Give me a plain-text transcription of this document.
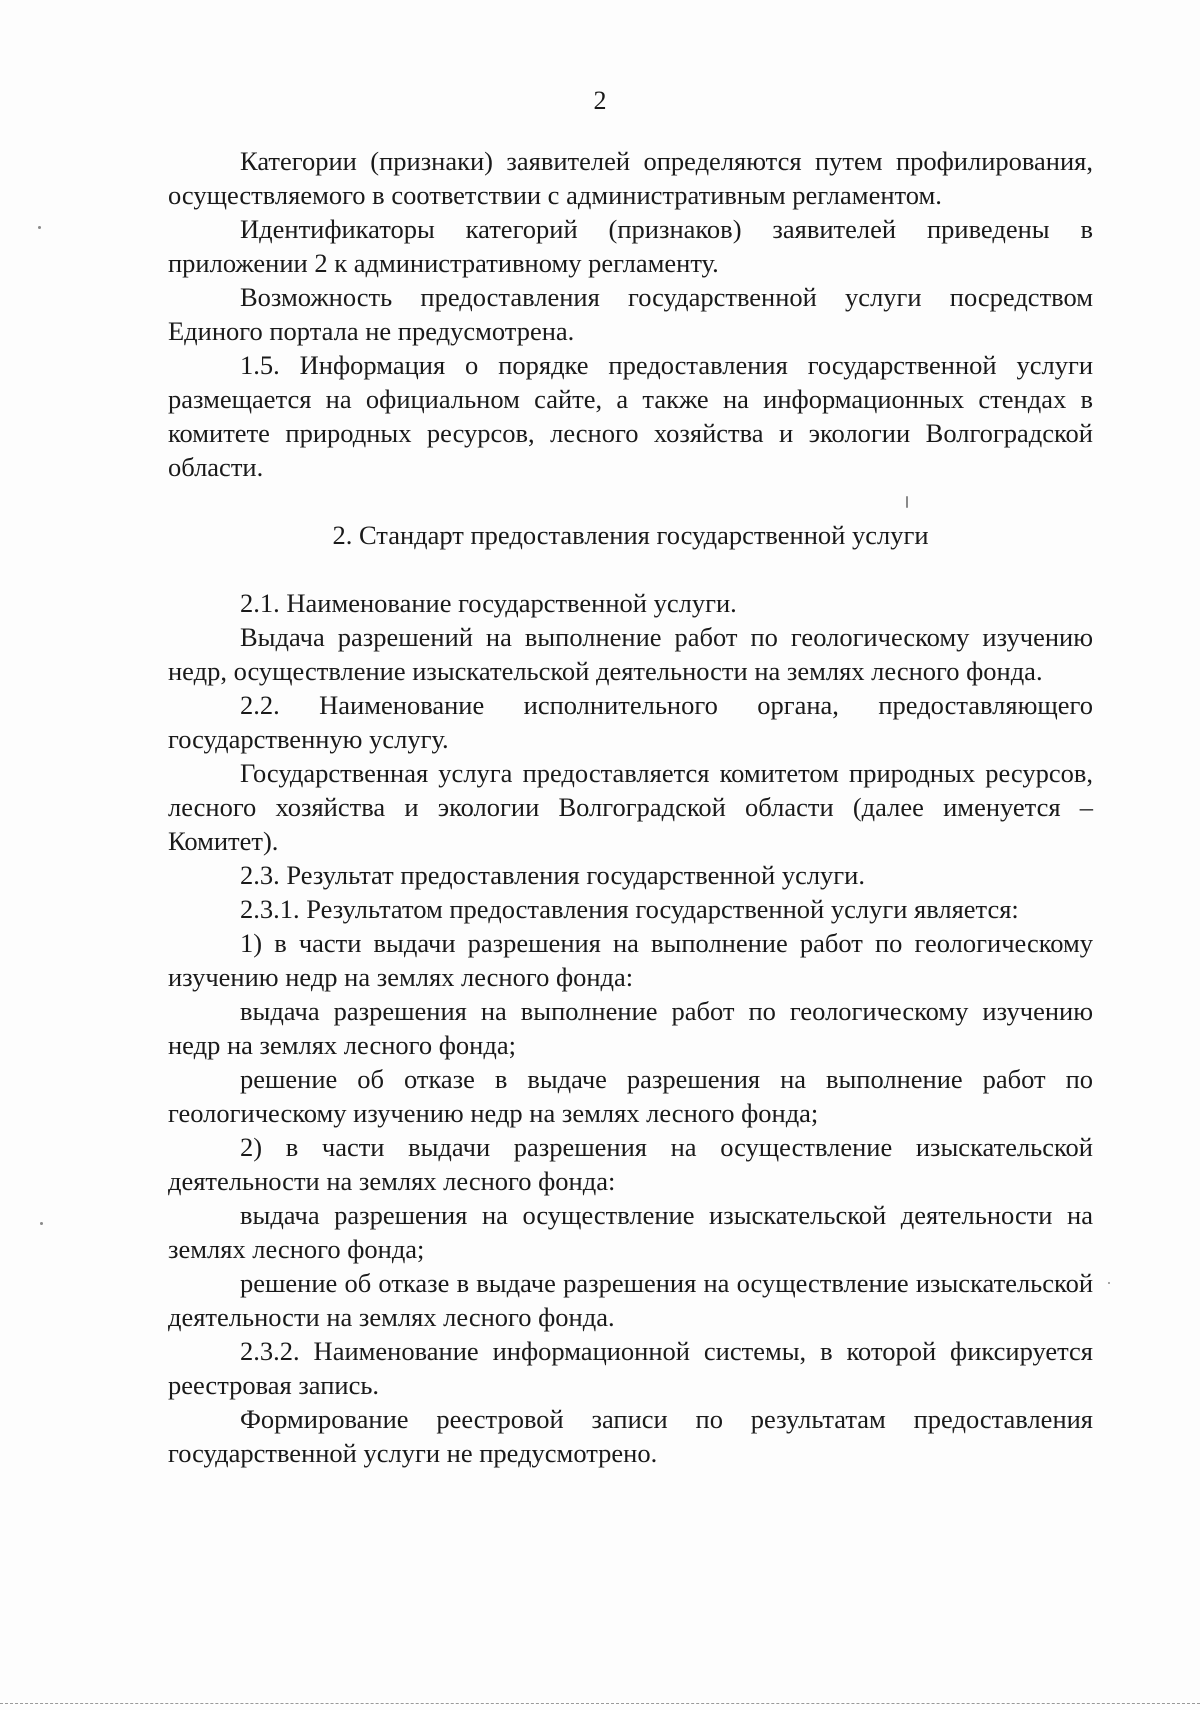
2

Категории (признаки) заявителей определяются путем профилирования, осуществляемого в соответствии с административным регламентом.

Идентификаторы категорий (признаков) заявителей приведены в приложении 2 к административному регламенту.

Возможность предоставления государственной услуги посредством Единого портала не предусмотрена.

1.5. Информация о порядке предоставления государственной услуги размещается на официальном сайте, а также на информационных стендах в комитете природных ресурсов, лесного хозяйства и экологии Волгоградской области.

2. Стандарт предоставления государственной услуги

2.1. Наименование государственной услуги.

Выдача разрешений на выполнение работ по геологическому изучению недр, осуществление изыскательской деятельности на землях лесного фонда.

2.2. Наименование исполнительного органа, предоставляющего государственную услугу.

Государственная услуга предоставляется комитетом природных ресурсов, лесного хозяйства и экологии Волгоградской области (далее именуется – Комитет).

2.3. Результат предоставления государственной услуги.

2.3.1. Результатом предоставления государственной услуги является:

1) в части выдачи разрешения на выполнение работ по геологическому изучению недр на землях лесного фонда:

выдача разрешения на выполнение работ по геологическому изучению недр на землях лесного фонда;

решение об отказе в выдаче разрешения на выполнение работ по геологическому изучению недр на землях лесного фонда;

2) в части выдачи разрешения на осуществление изыскательской деятельности на землях лесного фонда:

выдача разрешения на осуществление изыскательской деятельности на землях лесного фонда;

решение об отказе в выдаче разрешения на осуществление изыскательской деятельности на землях лесного фонда.

2.3.2. Наименование информационной системы, в которой фиксируется реестровая запись.

Формирование реестровой записи по результатам предоставления государственной услуги не предусмотрено.
